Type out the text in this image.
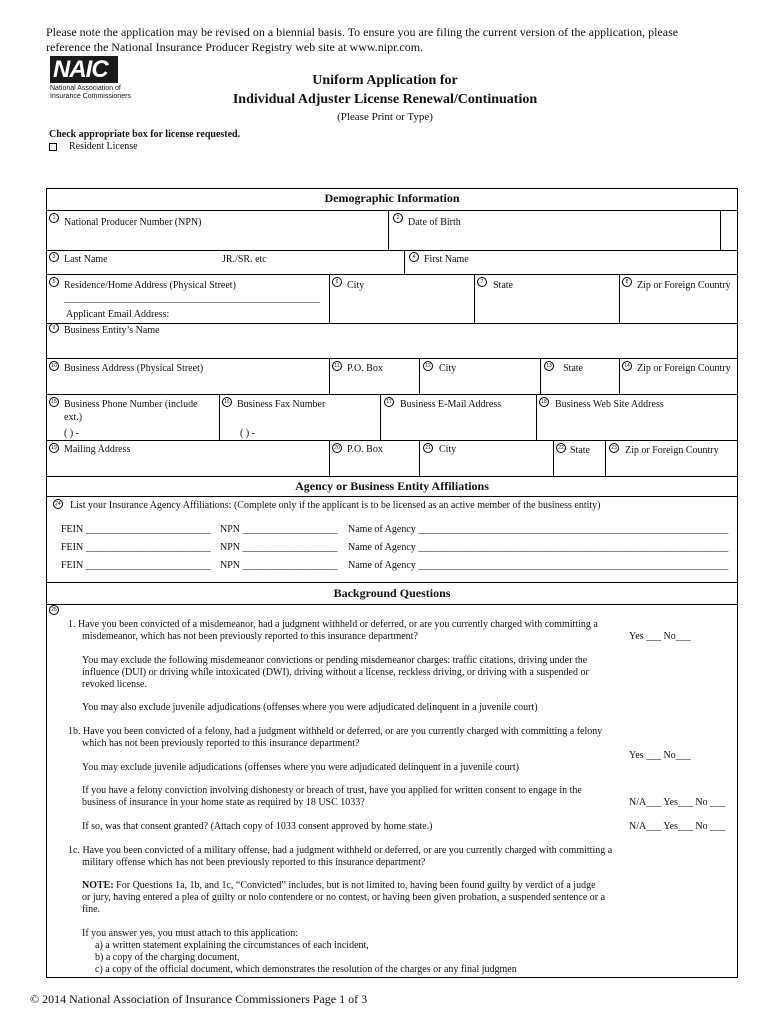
Please note the application may be revised on a biennial basis. To ensure you are filing the current version of the application, please
reference the National Insurance Producer Registry web site at www.nipr.com.
NAIC
National Association of
Insurance Commissioners
Uniform Application for
Individual Adjuster License Renewal/Continuation
(Please Print or Type)
Check appropriate box for license requested.
Resident License
Demographic Information
1 National Producer Number (NPN)	2 Date of Birth
3 Last Name	JR./SR. etc	4 First Name
5 Residence/Home Address (Physical Street)	6 City	7 State	8 Zip or Foreign Country
Applicant Email Address:
9 Business Entity’s Name
10 Business Address (Physical Street)	11 P.O. Box	12 City	13 State	14 Zip or Foreign Country
15 Business Phone Number (include
ext.)
( ) -
16 Business Fax Number
( ) -
17 Business E-Mail Address	18 Business Web Site Address
19 Mailing Address	20 P.O. Box	21 City	22 State	23 Zip or Foreign Country
Agency or Business Entity Affiliations
24 List your Insurance Agency Affiliations: (Complete only if the applicant is to be licensed as an active member of the business entity)
FEIN _________________________ NPN ___________________ Name of Agency ______________________________________________________________
FEIN _________________________ NPN ___________________ Name of Agency ______________________________________________________________
FEIN _________________________ NPN ___________________ Name of Agency ______________________________________________________________
Background Questions
25
1. Have you been convicted of a misdemeanor, had a judgment withheld or deferred, or are you currently charged with committing a
misdemeanor, which has not been previously reported to this insurance department?	Yes ___ No___
You may exclude the following misdemeanor convictions or pending misdemeanor charges: traffic citations, driving under the
influence (DUI) or driving while intoxicated (DWI), driving without a license, reckless driving, or driving with a suspended or
revoked license.
You may also exclude juvenile adjudications (offenses where you were adjudicated delinquent in a juvenile court)
1b. Have you been convicted of a felony, had a judgment withheld or deferred, or are you currently charged with committing a felony
which has not been previously reported to this insurance department?
Yes ___ No___
You may exclude juvenile adjudications (offenses where you were adjudicated delinquent in a juvenile court)
If you have a felony conviction involving dishonesty or breach of trust, have you applied for written consent to engage in the
business of insurance in your home state as required by 18 USC 1033?	N/A___ Yes___ No ___
If so, was that consent granted? (Attach copy of 1033 consent approved by home state.)	N/A___ Yes___ No ___
1c. Have you been convicted of a military offense, had a judgment withheld or deferred, or are you currently charged with committing a
military offense which has not been previously reported to this insurance department?
NOTE: For Questions 1a, 1b, and 1c, “Convicted” includes, but is not limited to, having been found guilty by verdict of a judge
or jury, having entered a plea of guilty or nolo contendere or no contest, or having been given probation, a suspended sentence or a
fine.
If you answer yes, you must attach to this application:
a) a written statement explaining the circumstances of each incident,
b) a copy of the charging document,
c) a copy of the official document, which demonstrates the resolution of the charges or any final judgmen
© 2014 National Association of Insurance Commissioners Page 1 of 3
